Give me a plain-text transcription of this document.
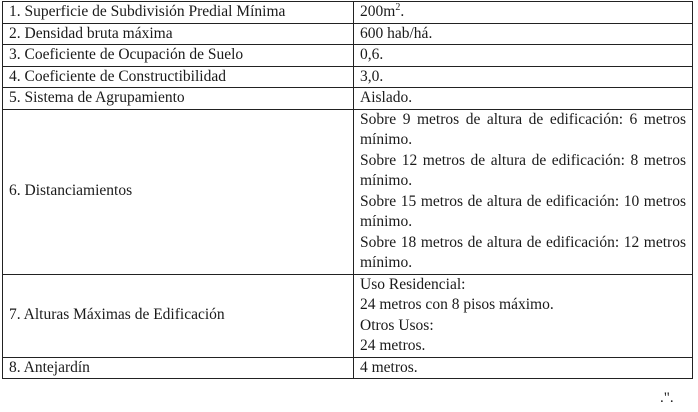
1. Superficie de Subdivisión Predial Mínima	$200m^2$.
2. Densidad bruta máxima	600 hab/há.
3. Coeficiente de Ocupación de Suelo	0,6.
4. Coeficiente de Constructibilidad	3,0.
5. Sistema de Agrupamiento	Aislado.
6. Distanciamientos	Sobre 9 metros de altura de edificación: 6 metros mínimo.
Sobre 12 metros de altura de edificación: 8 metros mínimo.
Sobre 15 metros de altura de edificación: 10 metros mínimo.
Sobre 18 metros de altura de edificación: 12 metros mínimo.

7. Alturas Máximas de Edificación	Uso Residencial:
24 metros con 8 pisos máximo.
Otros Usos:
24 metros.

8. Antejardín	4 metros.
.".
